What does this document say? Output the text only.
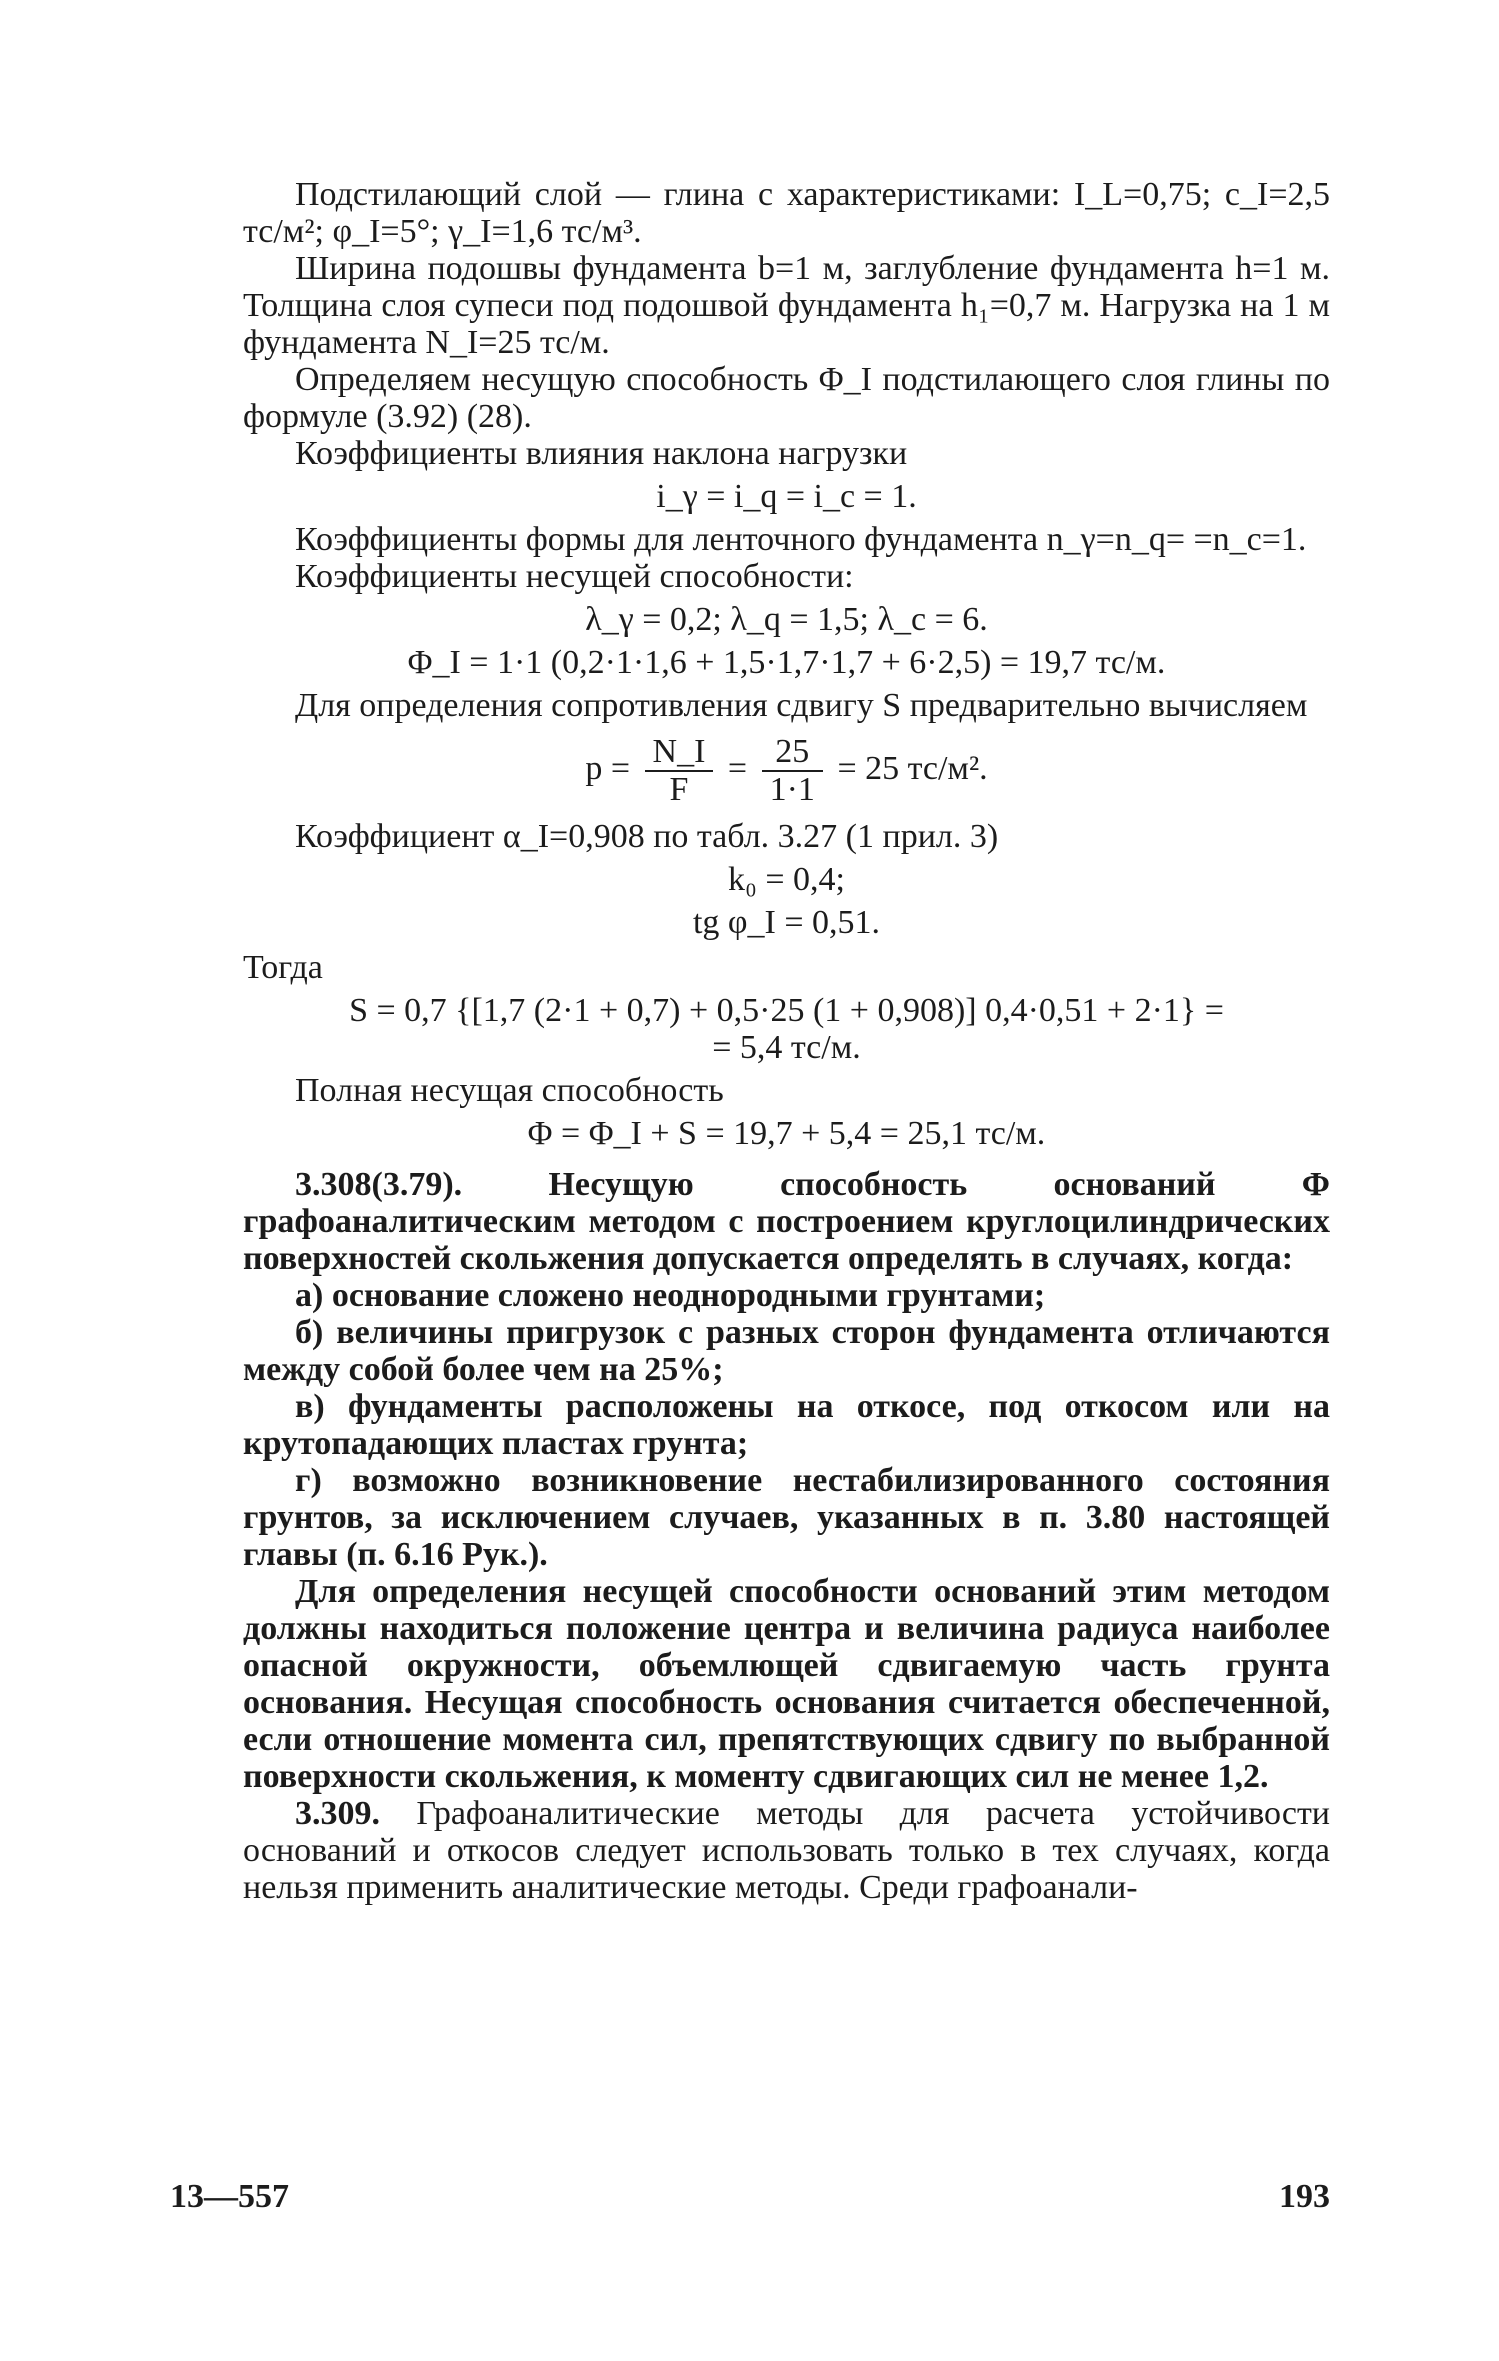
Подстилающий слой — глина с характеристиками: I_L=0,75; c_I=2,5 тс/м²; φ_I=5°; γ_I=1,6 тс/м³.

Ширина подошвы фундамента b=1 м, заглубление фундамента h=1 м. Толщина слоя супеси под подошвой фундамента h₁=0,7 м. Нагрузка на 1 м фундамента N_I=25 тс/м.

Определяем несущую способность Φ_I подстилающего слоя глины по формуле (3.92) (28).

Коэффициенты влияния наклона нагрузки

i_γ = i_q = i_c = 1.

Коэффициенты формы для ленточного фундамента n_γ=n_q= =n_c=1.

Коэффициенты несущей способности:

λ_γ = 0,2; λ_q = 1,5; λ_c = 6.
Φ_I = 1·1 (0,2·1·1,6 + 1,5·1,7·1,7 + 6·2,5) = 19,7 тс/м.

Для определения сопротивления сдвигу S предварительно вычисляем

$p = \frac{N\_I}{F} = \frac{25}{1\cdot 1} = 25$ тс/м².

Коэффициент α_I=0,908 по табл. 3.27 (1 прил. 3)

k₀ = 0,4;
tg φ_I = 0,51.

Тогда

S = 0,7 {[1,7 (2·1 + 0,7) + 0,5·25 (1 + 0,908)] 0,4·0,51 + 2·1} =
= 5,4 тс/м.

Полная несущая способность

Φ = Φ_I + S = 19,7 + 5,4 = 25,1 тс/м.

3.308(3.79). Несущую способность оснований Φ графоаналитическим методом с построением круглоцилиндрических поверхностей скольжения допускается определять в случаях, когда:

а) основание сложено неоднородными грунтами;

б) величины пригрузок с разных сторон фундамента отличаются между собой более чем на 25%;

в) фундаменты расположены на откосе, под откосом или на крутопадающих пластах грунта;

г) возможно возникновение нестабилизированного состояния грунтов, за исключением случаев, указанных в п. 3.80 настоящей главы (п. 6.16 Рук.).

Для определения несущей способности оснований этим методом должны находиться положение центра и величина радиуса наиболее опасной окружности, объемлющей сдвигаемую часть грунта основания. Несущая способность основания считается обеспеченной, если отношение момента сил, препятствующих сдвигу по выбранной поверхности скольжения, к моменту сдвигающих сил не менее 1,2.

3.309. Графоаналитические методы для расчета устойчивости оснований и откосов следует использовать только в тех случаях, когда нельзя применить аналитические методы. Среди графоанали-

13—557	193
